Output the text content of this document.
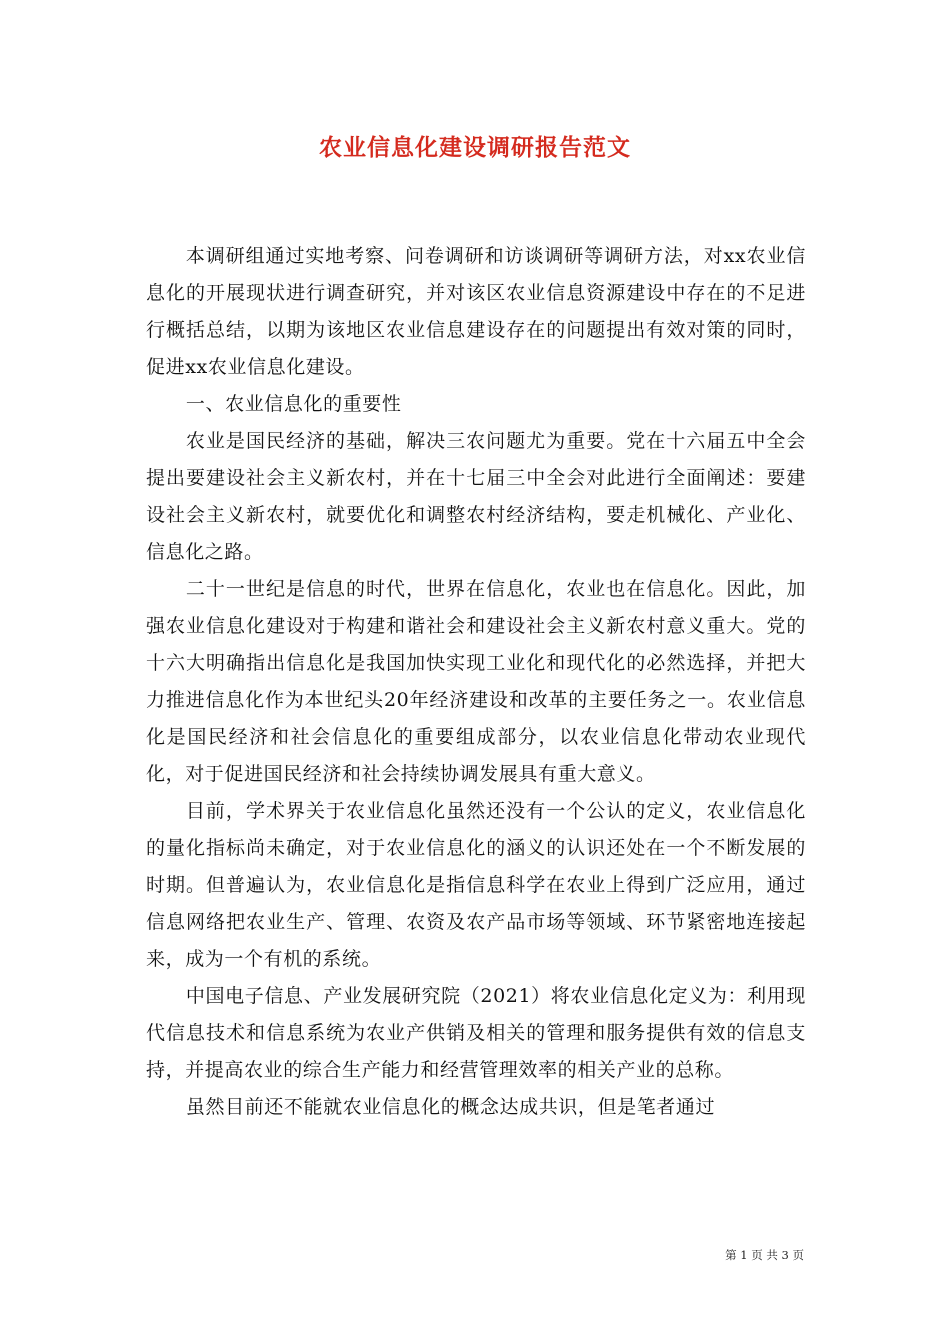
农业信息化建设调研报告范文

本调研组通过实地考察、问卷调研和访谈调研等调研方法，对xx农业信息化的开展现状进行调查研究，并对该区农业信息资源建设中存在的不足进行概括总结，以期为该地区农业信息建设存在的问题提出有效对策的同时，促进xx农业信息化建设。

一、农业信息化的重要性

农业是国民经济的基础，解决三农问题尤为重要。党在十六届五中全会提出要建设社会主义新农村，并在十七届三中全会对此进行全面阐述：要建设社会主义新农村，就要优化和调整农村经济结构，要走机械化、产业化、信息化之路。

二十一世纪是信息的时代，世界在信息化，农业也在信息化。因此，加强农业信息化建设对于构建和谐社会和建设社会主义新农村意义重大。党的十六大明确指出信息化是我国加快实现工业化和现代化的必然选择，并把大力推进信息化作为本世纪头20年经济建设和改革的主要任务之一。农业信息化是国民经济和社会信息化的重要组成部分，以农业信息化带动农业现代化，对于促进国民经济和社会持续协调发展具有重大意义。

目前，学术界关于农业信息化虽然还没有一个公认的定义，农业信息化的量化指标尚未确定，对于农业信息化的涵义的认识还处在一个不断发展的时期。但普遍认为，农业信息化是指信息科学在农业上得到广泛应用，通过信息网络把农业生产、管理、农资及农产品市场等领域、环节紧密地连接起来，成为一个有机的系统。

中国电子信息、产业发展研究院（2021）将农业信息化定义为：利用现代信息技术和信息系统为农业产供销及相关的管理和服务提供有效的信息支持，并提高农业的综合生产能力和经营管理效率的相关产业的总称。

虽然目前还不能就农业信息化的概念达成共识，但是笔者通过

第 1 页 共 3 页
